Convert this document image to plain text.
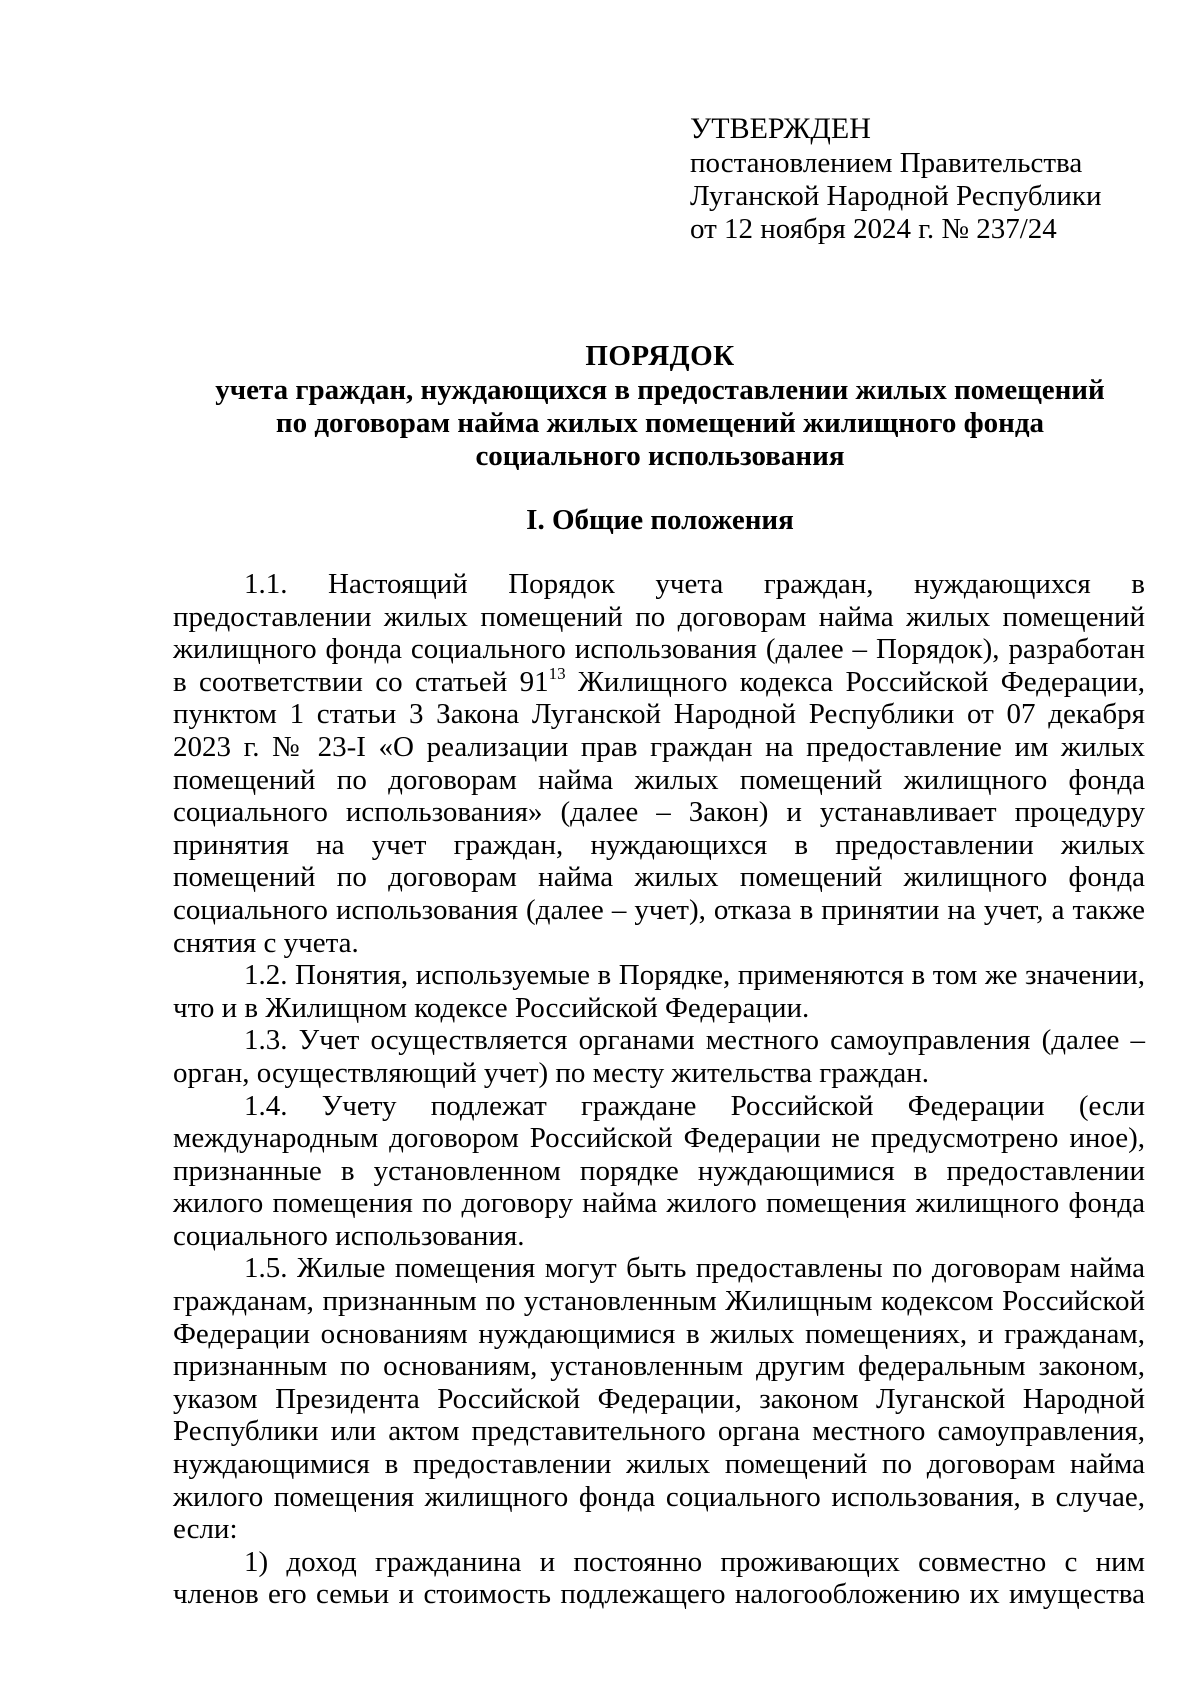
УТВЕРЖДЕН
постановлением Правительства
Луганской Народной Республики
от 12 ноября 2024 г. № 237/24
ПОРЯДОК
учета граждан, нуждающихся в предоставлении жилых помещений
по договорам найма жилых помещений жилищного фонда
социального использования
I. Общие положения

1.1. Настоящий Порядок учета граждан, нуждающихся в предоставлении жилых помещений по договорам найма жилых помещений жилищного фонда социального использования (далее – Порядок), разработан в соответствии со статьей $91^{13}$ Жилищного кодекса Российской Федерации, пунктом 1 статьи 3 Закона Луганской Народной Республики от 07 декабря 2023 г. № 23-I «О реализации прав граждан на предоставление им жилых помещений по договорам найма жилых помещений жилищного фонда социального использования» (далее – Закон) и устанавливает процедуру принятия на учет граждан, нуждающихся в предоставлении жилых помещений по договорам найма жилых помещений жилищного фонда социального использования (далее – учет), отказа в принятии на учет, а также снятия с учета.

1.2. Понятия, используемые в Порядке, применяются в том же значении, что и в Жилищном кодексе Российской Федерации.

1.3. Учет осуществляется органами местного самоуправления (далее – орган, осуществляющий учет) по месту жительства граждан.

1.4. Учету подлежат граждане Российской Федерации (если международным договором Российской Федерации не предусмотрено иное), признанные в установленном порядке нуждающимися в предоставлении жилого помещения по договору найма жилого помещения жилищного фонда социального использования.

1.5. Жилые помещения могут быть предоставлены по договорам найма гражданам, признанным по установленным Жилищным кодексом Российской Федерации основаниям нуждающимися в жилых помещениях, и гражданам, признанным по основаниям, установленным другим федеральным законом, указом Президента Российской Федерации, законом Луганской Народной Республики или актом представительного органа местного самоуправления, нуждающимися в предоставлении жилых помещений по договорам найма жилого помещения жилищного фонда социального использования, в случае, если:

1) доход гражданина и постоянно проживающих совместно с ним членов его семьи и стоимость подлежащего налогообложению их имущества
